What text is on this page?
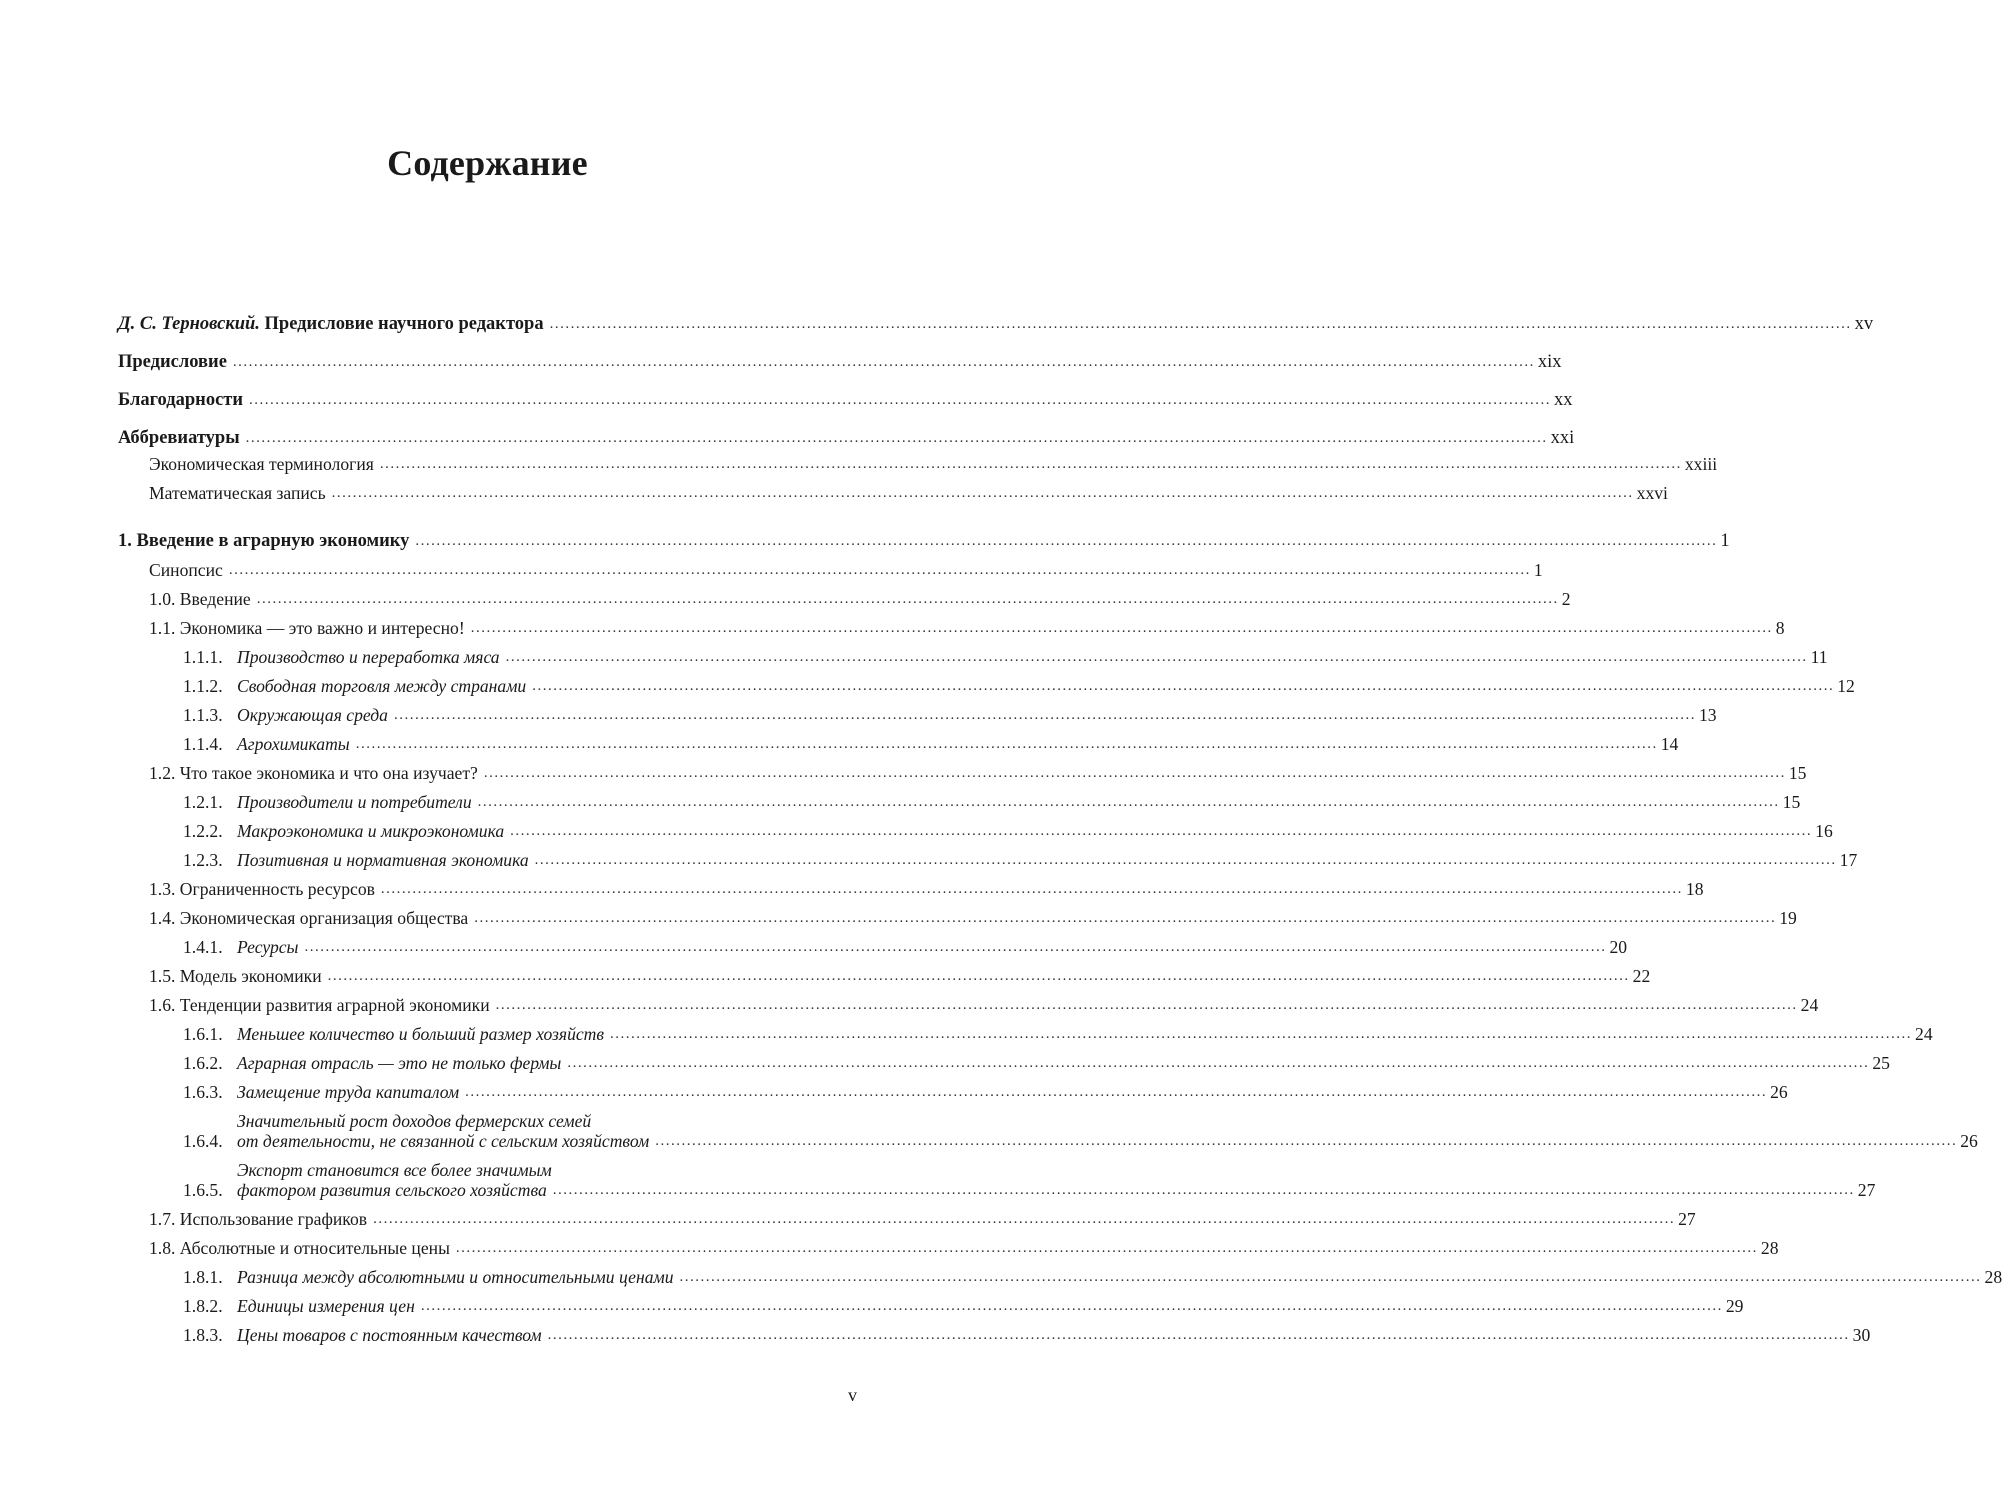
Содержание
Д. С. Терновский. Предисловие научного редактора .....	xv
Предисловие .....	xix
Благодарности .....	xx
Аббревиатуры .....	xxi
Экономическая терминология .....	xxiii
Математическая запись .....	xxvi
1. Введение в аграрную экономику .....	1
Синопсис .....	1
1.0. Введение .....	2
1.1. Экономика — это важно и интересно! .....	8
1.1.1. Производство и переработка мяса .....	11
1.1.2. Свободная торговля между странами .....	12
1.1.3. Окружающая среда .....	13
1.1.4. Агрохимикаты .....	14
1.2. Что такое экономика и что она изучает? .....	15
1.2.1. Производители и потребители .....	15
1.2.2. Макроэкономика и микроэкономика .....	16
1.2.3. Позитивная и нормативная экономика .....	17
1.3. Ограниченность ресурсов .....	18
1.4. Экономическая организация общества .....	19
1.4.1. Ресурсы .....	20
1.5. Модель экономики .....	22
1.6. Тенденции развития аграрной экономики .....	24
1.6.1. Меньшее количество и больший размер хозяйств .....	24
1.6.2. Аграрная отрасль — это не только фермы .....	25
1.6.3. Замещение труда капиталом .....	26
1.6.4.
Значительный рост доходов фермерских семей
от деятельности, не связанной с сельским хозяйством .....	26
1.6.5.
Экспорт становится все более значимым
фактором развития сельского хозяйства .....	27
1.7. Использование графиков .....	27
1.8. Абсолютные и относительные цены .....	28
1.8.1. Разница между абсолютными и относительными ценами .....	28
1.8.2. Единицы измерения цен .....	29
1.8.3. Цены товаров с постоянным качеством .....	30
v
